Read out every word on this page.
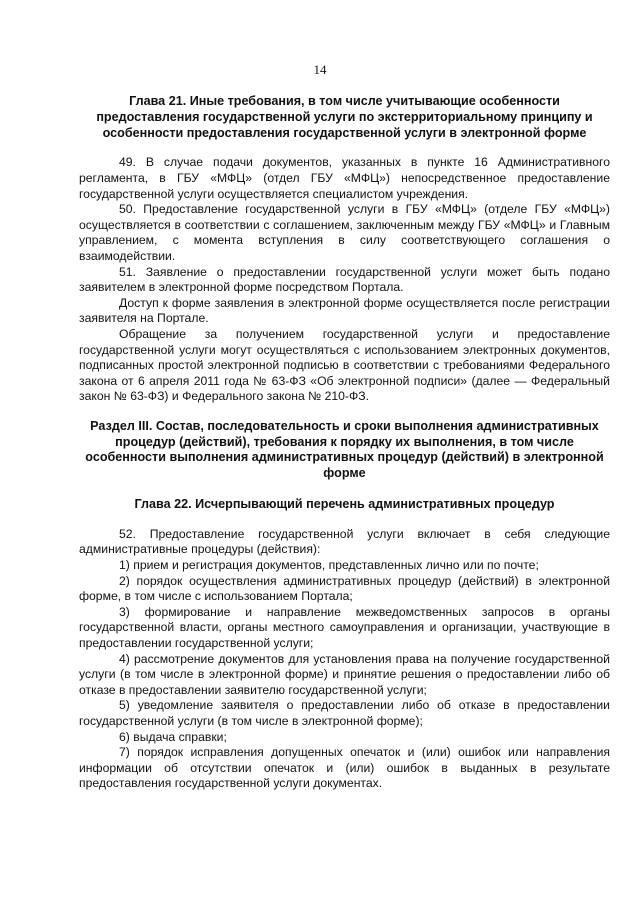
14
Глава 21. Иные требования, в том числе учитывающие особенности предоставления государственной услуги по экстерриториальному принципу и особенности предоставления государственной услуги в электронной форме
49. В случае подачи документов, указанных в пункте 16 Административного регламента, в ГБУ «МФЦ» (отдел ГБУ «МФЦ») непосредственное предоставление государственной услуги осуществляется специалистом учреждения.
50. Предоставление государственной услуги в ГБУ «МФЦ» (отделе ГБУ «МФЦ») осуществляется в соответствии с соглашением, заключенным между ГБУ «МФЦ» и Главным управлением, с момента вступления в силу соответствующего соглашения о взаимодействии.
51. Заявление о предоставлении государственной услуги может быть подано заявителем в электронной форме посредством Портала.
Доступ к форме заявления в электронной форме осуществляется после регистрации заявителя на Портале.
Обращение за получением государственной услуги и предоставление государственной услуги могут осуществляться с использованием электронных документов, подписанных простой электронной подписью в соответствии с требованиями Федерального закона от 6 апреля 2011 года № 63-ФЗ «Об электронной подписи» (далее — Федеральный закон № 63-ФЗ) и Федерального закона № 210-ФЗ.
Раздел III. Состав, последовательность и сроки выполнения административных процедур (действий), требования к порядку их выполнения, в том числе особенности выполнения административных процедур (действий) в электронной форме
Глава 22. Исчерпывающий перечень административных процедур
52. Предоставление государственной услуги включает в себя следующие административные процедуры (действия):
1) прием и регистрация документов, представленных лично или по почте;
2) порядок осуществления административных процедур (действий) в электронной форме, в том числе с использованием Портала;
3) формирование и направление межведомственных запросов в органы государственной власти, органы местного самоуправления и организации, участвующие в предоставлении государственной услуги;
4) рассмотрение документов для установления права на получение государственной услуги (в том числе в электронной форме) и принятие решения о предоставлении либо об отказе в предоставлении заявителю государственной услуги;
5) уведомление заявителя о предоставлении либо об отказе в предоставлении государственной услуги (в том числе в электронной форме);
6) выдача справки;
7) порядок исправления допущенных опечаток и (или) ошибок или направления информации об отсутствии опечаток и (или) ошибок в выданных в результате предоставления государственной услуги документах.
